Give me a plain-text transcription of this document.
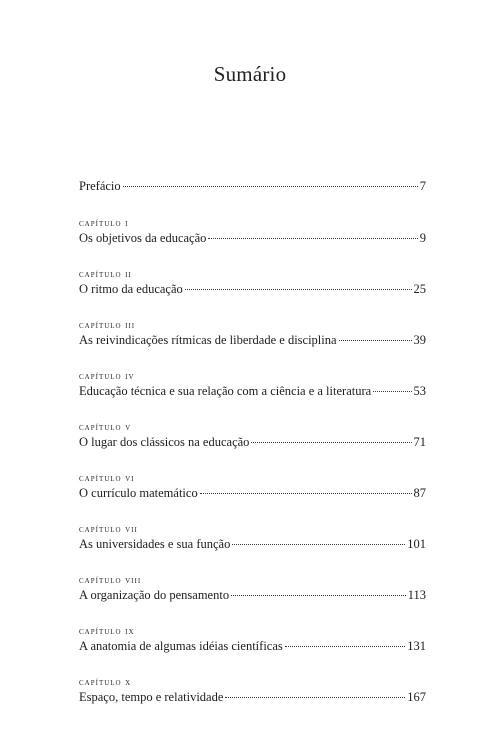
Sumário
Prefácio	7
capítulo i
Os objetivos da educação	9
capítulo ii
O ritmo da educação	25
capítulo iii
As reivindicações rítmicas de liberdade e disciplina	39
capítulo iv
Educação técnica e sua relação com a ciência e a literatura	53
capítulo v
O lugar dos clássicos na educação	71
capítulo vi
O currículo matemático	87
capítulo vii
As universidades e sua função	101
capítulo viii
A organização do pensamento	113
capítulo ix
A anatomia de algumas idéias científicas	131
capítulo x
Espaço, tempo e relatividade	167
